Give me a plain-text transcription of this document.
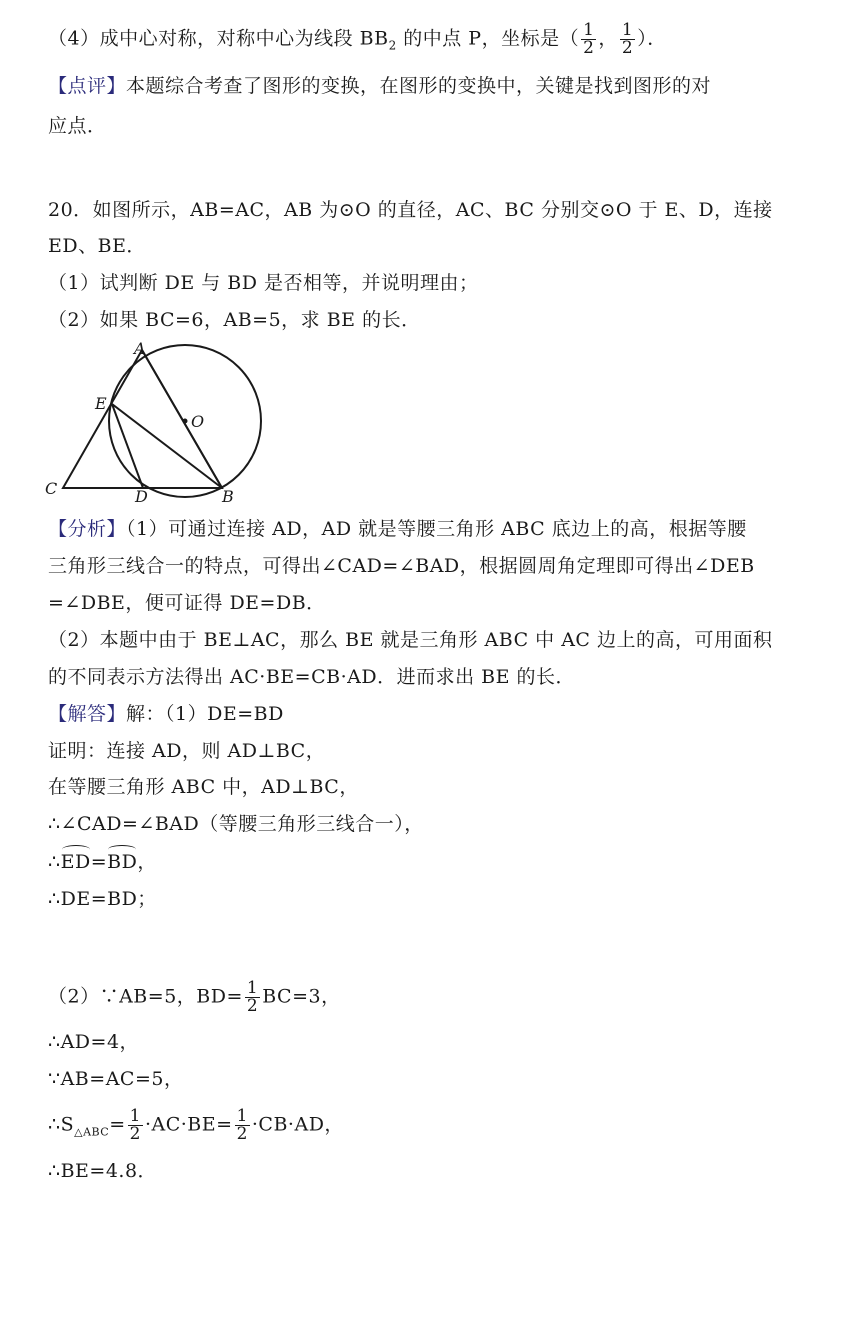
（4）成中心对称，对称中心为线段 $BB_2$ 的中点 P，坐标是（ $\frac{1}{2}$ ， $\frac{1}{2}$ ）．
【点评】本题综合考查了图形的变换，在图形的变换中，关键是找到图形的对
应点．
20．如图所示，AB=AC，AB 为⊙O 的直径，AC、BC 分别交⊙O 于 E、D，连接
ED、BE．
（1）试判断 DE 与 BD 是否相等，并说明理由；
（2）如果 BC=6，AB=5，求 BE 的长．
A
E
O
C	D	B
【分析】（1）可通过连接 AD，AD 就是等腰三角形 ABC 底边上的高，根据等腰
三角形三线合一的特点，可得出∠CAD=∠BAD，根据圆周角定理即可得出∠DEB
=∠DBE，便可证得 DE=DB．
（2）本题中由于 BE⊥AC，那么 BE 就是三角形 ABC 中 AC 边上的高，可用面积
的不同表示方法得出 AC·BE=CB·AD．进而求出 BE 的长．
【解答】解：（1）DE=BD
证明：连接 AD，则 AD⊥BC，
在等腰三角形 ABC 中，AD⊥BC，
∴∠CAD=∠BAD（等腰三角形三线合一），
∴ED=BD，
∴DE=BD；
（2）∵AB=5，$BD= \frac{1}{2} BC=3$，
∴AD=4，
∵AB=AC=5，
$\therefore S_{\triangle ABC}= \frac{1}{2} \cdot AC\cdot BE= \frac{1}{2} \cdot CB\cdot AD$，
∴BE=4.8．
